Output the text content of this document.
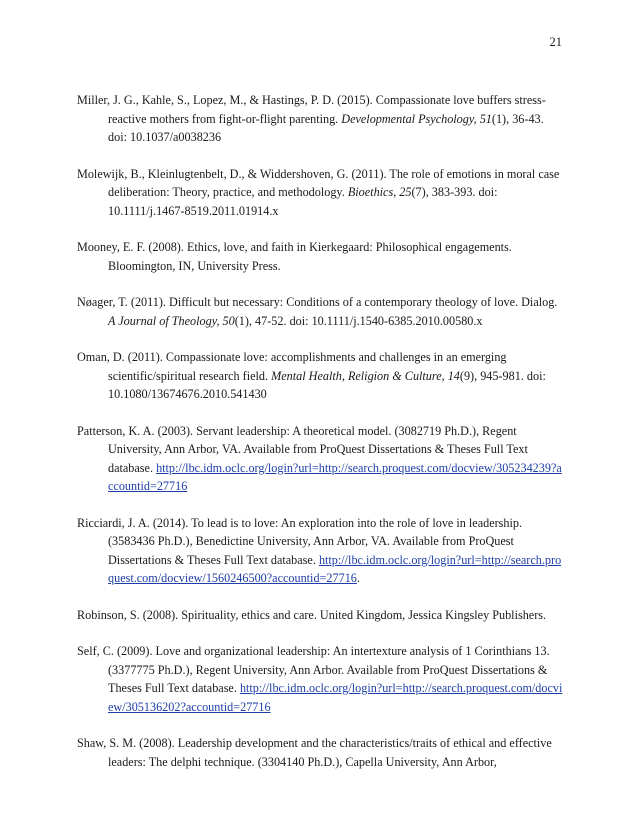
21

Miller, J. G., Kahle, S., Lopez, M., & Hastings, P. D. (2015). Compassionate love buffers stress-reactive mothers from fight-or-flight parenting. Developmental Psychology, 51(1), 36-43. doi: 10.1037/a0038236

Molewijk, B., Kleinlugtenbelt, D., & Widdershoven, G. (2011). The role of emotions in moral case deliberation: Theory, practice, and methodology. Bioethics, 25(7), 383-393. doi: 10.1111/j.1467-8519.2011.01914.x

Mooney, E. F. (2008). Ethics, love, and faith in Kierkegaard: Philosophical engagements. Bloomington, IN, University Press.

Nøager, T. (2011). Difficult but necessary: Conditions of a contemporary theology of love. Dialog. A Journal of Theology, 50(1), 47-52. doi: 10.1111/j.1540-6385.2010.00580.x

Oman, D. (2011). Compassionate love: accomplishments and challenges in an emerging scientific/spiritual research field. Mental Health, Religion & Culture, 14(9), 945-981. doi: 10.1080/13674676.2010.541430

Patterson, K. A. (2003). Servant leadership: A theoretical model. (3082719 Ph.D.), Regent University, Ann Arbor, VA. Available from ProQuest Dissertations & Theses Full Text database. http://lbc.idm.oclc.org/login?url=http://search.proquest.com/docview/305234239?accountid=27716

Ricciardi, J. A. (2014). To lead is to love: An exploration into the role of love in leadership. (3583436 Ph.D.), Benedictine University, Ann Arbor, VA. Available from ProQuest Dissertations & Theses Full Text database. http://lbc.idm.oclc.org/login?url=http://search.proquest.com/docview/1560246500?accountid=27716.

Robinson, S. (2008). Spirituality, ethics and care. United Kingdom, Jessica Kingsley Publishers.

Self, C. (2009). Love and organizational leadership: An intertexture analysis of 1 Corinthians 13. (3377775 Ph.D.), Regent University, Ann Arbor. Available from ProQuest Dissertations & Theses Full Text database. http://lbc.idm.oclc.org/login?url=http://search.proquest.com/docview/305136202?accountid=27716

Shaw, S. M. (2008). Leadership development and the characteristics/traits of ethical and effective leaders: The delphi technique. (3304140 Ph.D.), Capella University, Ann Arbor,
